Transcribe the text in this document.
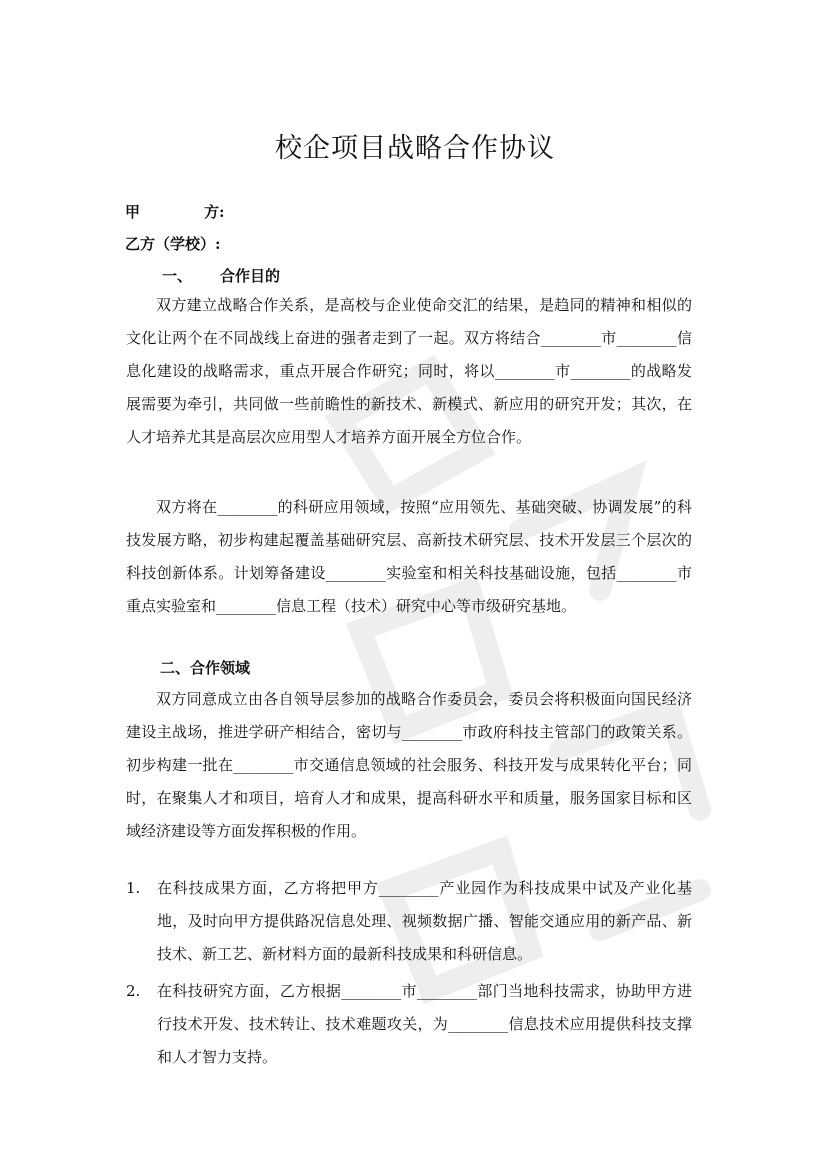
校企项目战略合作协议
甲	方:
乙方（学校）:
一、 合作目的

双方建立战略合作关系，是高校与企业使命交汇的结果，是趋同的精神和相似的文化让两个在不同战线上奋进的强者走到了一起。双方将结合________市________信息化建设的战略需求，重点开展合作研究；同时，将以________市________的战略发展需要为牵引，共同做一些前瞻性的新技术、新模式、新应用的研究开发；其次，在人才培养尤其是高层次应用型人才培养方面开展全方位合作。

双方将在________的科研应用领域，按照“应用领先、基础突破、协调发展”的科技发展方略，初步构建起覆盖基础研究层、高新技术研究层、技术开发层三个层次的科技创新体系。计划筹备建设________实验室和相关科技基础设施，包括________市重点实验室和________信息工程（技术）研究中心等市级研究基地。

二、合作领域

双方同意成立由各自领导层参加的战略合作委员会，委员会将积极面向国民经济建设主战场，推进学研产相结合，密切与________市政府科技主管部门的政策关系。初步构建一批在________市交通信息领域的社会服务、科技开发与成果转化平台；同时，在聚集人才和项目，培育人才和成果，提高科研水平和质量，服务国家目标和区域经济建设等方面发挥积极的作用。

1. 在科技成果方面，乙方将把甲方________产业园作为科技成果中试及产业化基地，及时向甲方提供路况信息处理、视频数据广播、智能交通应用的新产品、新技术、新工艺、新材料方面的最新科技成果和科研信息。
2. 在科技研究方面，乙方根据________市________部门当地科技需求，协助甲方进行技术开发、技术转让、技术难题攻关，为________信息技术应用提供科技支撑和人才智力支持。
